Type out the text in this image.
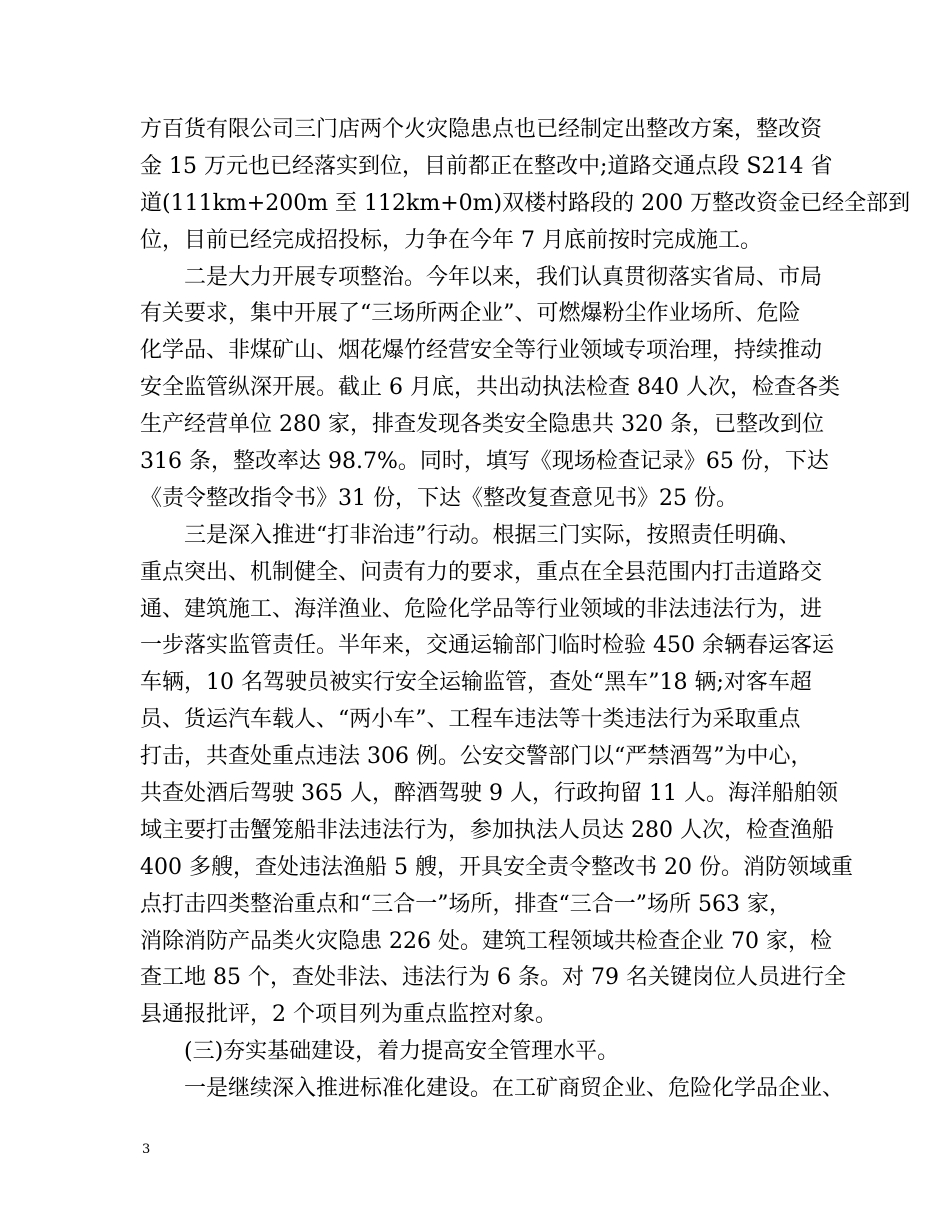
方百货有限公司三门店两个火灾隐患点也已经制定出整改方案，整改资
金 15 万元也已经落实到位，目前都正在整改中;道路交通点段 S214 省
道(111km+200m 至 112km+0m)双楼村路段的 200 万整改资金已经全部到
位，目前已经完成招投标，力争在今年 7 月底前按时完成施工。
　　二是大力开展专项整治。今年以来，我们认真贯彻落实省局、市局
有关要求，集中开展了“三场所两企业”、可燃爆粉尘作业场所、危险
化学品、非煤矿山、烟花爆竹经营安全等行业领域专项治理，持续推动
安全监管纵深开展。截止 6 月底，共出动执法检查 840 人次，检查各类
生产经营单位 280 家，排查发现各类安全隐患共 320 条，已整改到位
316 条，整改率达 98.7%。同时，填写《现场检查记录》65 份，下达
《责令整改指令书》31 份，下达《整改复查意见书》25 份。
　　三是深入推进“打非治违”行动。根据三门实际，按照责任明确、
重点突出、机制健全、问责有力的要求，重点在全县范围内打击道路交
通、建筑施工、海洋渔业、危险化学品等行业领域的非法违法行为，进
一步落实监管责任。半年来，交通运输部门临时检验 450 余辆春运客运
车辆，10 名驾驶员被实行安全运输监管，查处“黑车”18 辆;对客车超
员、货运汽车载人、“两小车”、工程车违法等十类违法行为采取重点
打击，共查处重点违法 306 例。公安交警部门以“严禁酒驾”为中心，
共查处酒后驾驶 365 人，醉酒驾驶 9 人，行政拘留 11 人。海洋船舶领
域主要打击蟹笼船非法违法行为，参加执法人员达 280 人次，检查渔船
400 多艘，查处违法渔船 5 艘，开具安全责令整改书 20 份。消防领域重
点打击四类整治重点和“三合一”场所，排查“三合一”场所 563 家，
消除消防产品类火灾隐患 226 处。建筑工程领域共检查企业 70 家，检
查工地 85 个，查处非法、违法行为 6 条。对 79 名关键岗位人员进行全
县通报批评，2 个项目列为重点监控对象。
　　(三)夯实基础建设，着力提高安全管理水平。
　　一是继续深入推进标准化建设。在工矿商贸企业、危险化学品企业、
3
